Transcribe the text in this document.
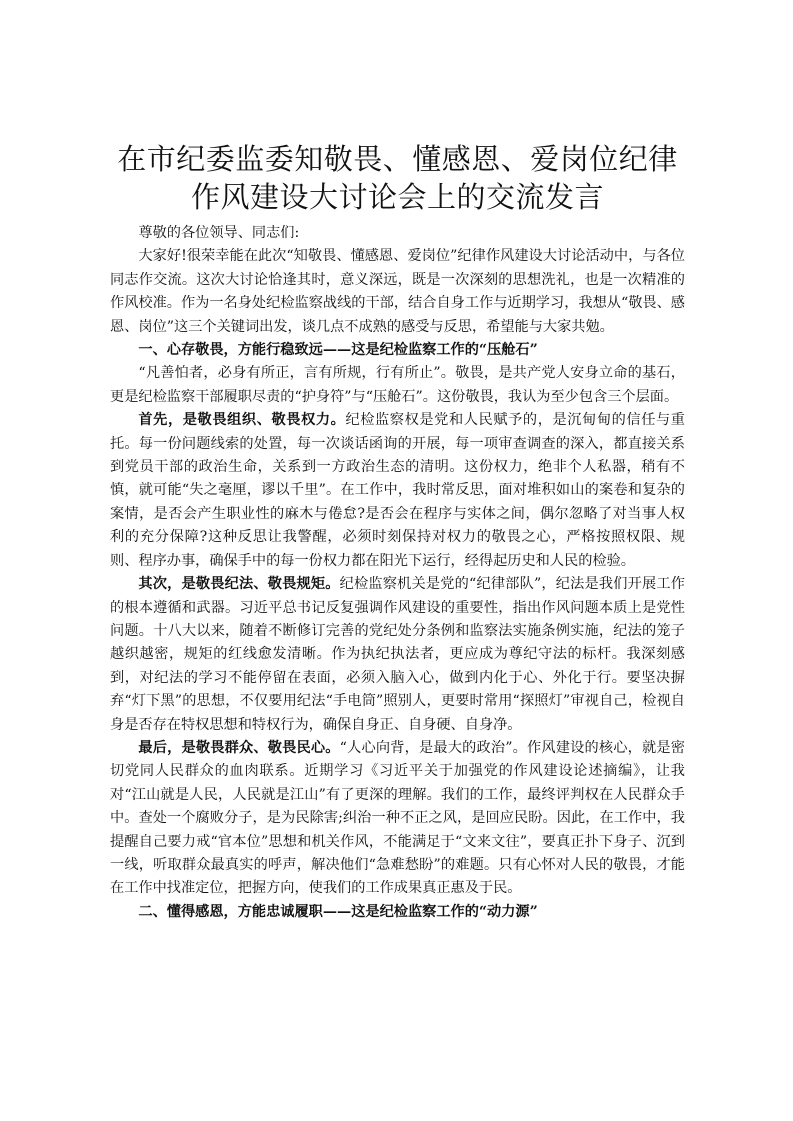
在市纪委监委知敬畏、懂感恩、爱岗位纪律作风建设大讨论会上的交流发言

尊敬的各位领导、同志们:

大家好!很荣幸能在此次“知敬畏、懂感恩、爱岗位”纪律作风建设大讨论活动中，与各位同志作交流。这次大讨论恰逢其时，意义深远，既是一次深刻的思想洗礼，也是一次精准的作风校准。作为一名身处纪检监察战线的干部，结合自身工作与近期学习，我想从“敬畏、感恩、岗位”这三个关键词出发，谈几点不成熟的感受与反思，希望能与大家共勉。

一、心存敬畏，方能行稳致远——这是纪检监察工作的“压舱石”

“凡善怕者，必身有所正，言有所规，行有所止”。敬畏，是共产党人安身立命的基石，更是纪检监察干部履职尽责的“护身符”与“压舱石”。这份敬畏，我认为至少包含三个层面。

首先，是敬畏组织、敬畏权力。纪检监察权是党和人民赋予的，是沉甸甸的信任与重托。每一份问题线索的处置，每一次谈话函询的开展，每一项审查调查的深入，都直接关系到党员干部的政治生命，关系到一方政治生态的清明。这份权力，绝非个人私器，稍有不慎，就可能“失之毫厘，谬以千里”。在工作中，我时常反思，面对堆积如山的案卷和复杂的案情，是否会产生职业性的麻木与倦怠?是否会在程序与实体之间，偶尔忽略了对当事人权利的充分保障?这种反思让我警醒，必须时刻保持对权力的敬畏之心，严格按照权限、规则、程序办事，确保手中的每一份权力都在阳光下运行，经得起历史和人民的检验。

其次，是敬畏纪法、敬畏规矩。纪检监察机关是党的“纪律部队”，纪法是我们开展工作的根本遵循和武器。习近平总书记反复强调作风建设的重要性，指出作风问题本质上是党性问题。十八大以来，随着不断修订完善的党纪处分条例和监察法实施条例实施，纪法的笼子越织越密，规矩的红线愈发清晰。作为执纪执法者，更应成为尊纪守法的标杆。我深刻感到，对纪法的学习不能停留在表面，必须入脑入心，做到内化于心、外化于行。要坚决摒弃“灯下黑”的思想，不仅要用纪法“手电筒”照别人，更要时常用“探照灯”审视自己，检视自身是否存在特权思想和特权行为，确保自身正、自身硬、自身净。

最后，是敬畏群众、敬畏民心。“人心向背，是最大的政治”。作风建设的核心，就是密切党同人民群众的血肉联系。近期学习《习近平关于加强党的作风建设论述摘编》，让我对“江山就是人民，人民就是江山”有了更深的理解。我们的工作，最终评判权在人民群众手中。查处一个腐败分子，是为民除害;纠治一种不正之风，是回应民盼。因此，在工作中，我提醒自己要力戒“官本位”思想和机关作风，不能满足于“文来文往”，要真正扑下身子、沉到一线，听取群众最真实的呼声，解决他们“急难愁盼”的难题。只有心怀对人民的敬畏，才能在工作中找准定位，把握方向，使我们的工作成果真正惠及于民。

二、懂得感恩，方能忠诚履职——这是纪检监察工作的“动力源”
